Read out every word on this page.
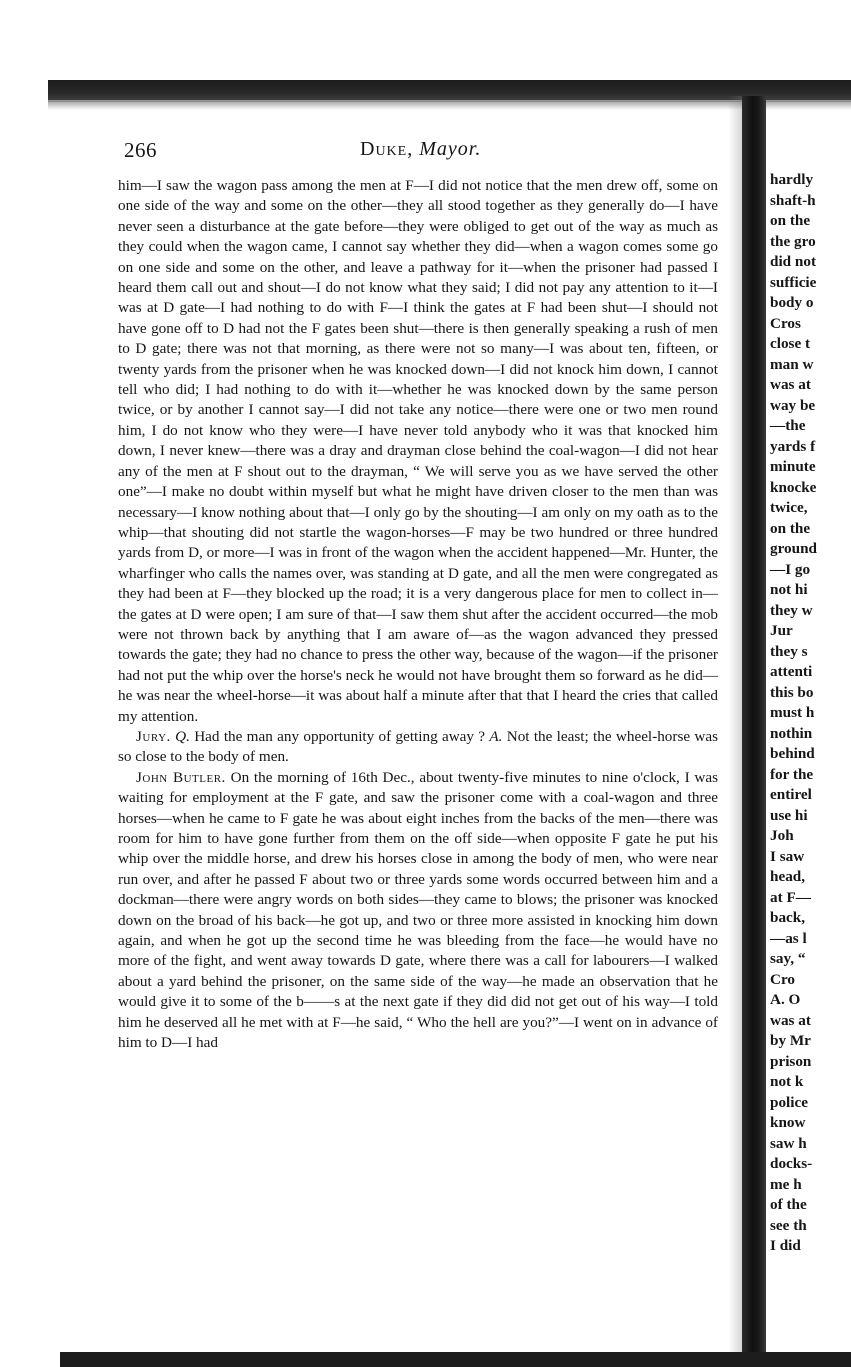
266	Duke, Mayor.

him—I saw the wagon pass among the men at F—I did not notice that the men drew off, some on one side of the way and some on the other—they all stood together as they generally do—I have never seen a disturbance at the gate before—they were obliged to get out of the way as much as they could when the wagon came, I cannot say whether they did—when a wagon comes some go on one side and some on the other, and leave a pathway for it—when the prisoner had passed I heard them call out and shout—I do not know what they said; I did not pay any attention to it—I was at D gate—I had nothing to do with F—I think the gates at F had been shut—I should not have gone off to D had not the F gates been shut—there is then generally speaking a rush of men to D gate; there was not that morning, as there were not so many—I was about ten, fifteen, or twenty yards from the prisoner when he was knocked down—I did not knock him down, I cannot tell who did; I had nothing to do with it—whether he was knocked down by the same person twice, or by another I cannot say—I did not take any notice—there were one or two men round him, I do not know who they were—I have never told anybody who it was that knocked him down, I never knew—there was a dray and drayman close behind the coal-wagon—I did not hear any of the men at F shout out to the drayman, “ We will serve you as we have served the other one”—I make no doubt within myself but what he might have driven closer to the men than was necessary—I know nothing about that—I only go by the shouting—I am only on my oath as to the whip—that shouting did not startle the wagon-horses—F may be two hundred or three hundred yards from D, or more—I was in front of the wagon when the accident happened—Mr. Hunter, the wharfinger who calls the names over, was standing at D gate, and all the men were congregated as they had been at F—they blocked up the road; it is a very dangerous place for men to collect in—the gates at D were open; I am sure of that—I saw them shut after the accident occurred—the mob were not thrown back by anything that I am aware of—as the wagon advanced they pressed towards the gate; they had no chance to press the other way, because of the wagon—if the prisoner had not put the whip over the horse's neck he would not have brought them so forward as he did—he was near the wheel-horse—it was about half a minute after that that I heard the cries that called my attention.

Jury. Q. Had the man any opportunity of getting away ? A. Not the least; the wheel-horse was so close to the body of men.

John Butler. On the morning of 16th Dec., about twenty-five minutes to nine o'clock, I was waiting for employment at the F gate, and saw the prisoner come with a coal-wagon and three horses—when he came to F gate he was about eight inches from the backs of the men—there was room for him to have gone further from them on the off side—when opposite F gate he put his whip over the middle horse, and drew his horses close in among the body of men, who were near run over, and after he passed F about two or three yards some words occurred between him and a dockman—there were angry words on both sides—they came to blows; the prisoner was knocked down on the broad of his back—he got up, and two or three more assisted in knocking him down again, and when he got up the second time he was bleeding from the face—he would have no more of the fight, and went away towards D gate, where there was a call for labourers—I walked about a yard behind the prisoner, on the same side of the way—he made an observation that he would give it to some of the b——s at the next gate if they did did not get out of his way—I told him he deserved all he met with at F—he said, “ Who the hell are you?”—I went on in advance of him to D—I had

hardly
shaft-h
on the
the gro
did not
sufficie
body o
Cros
close t
man w
was at
way be
—the
yards f
minute
knocke
twice,
on the
ground
—I go
not hi
they w
Jur
they s
attenti
this bo
must h
nothin
behind
for the
entirel
use hi
Joh
I saw
head,
at F—
back,
—as l
say, “
Cro
A. O
was at
by Mr
prison
not k
police
know
saw h
docks-
me h
of the
see th
I did
